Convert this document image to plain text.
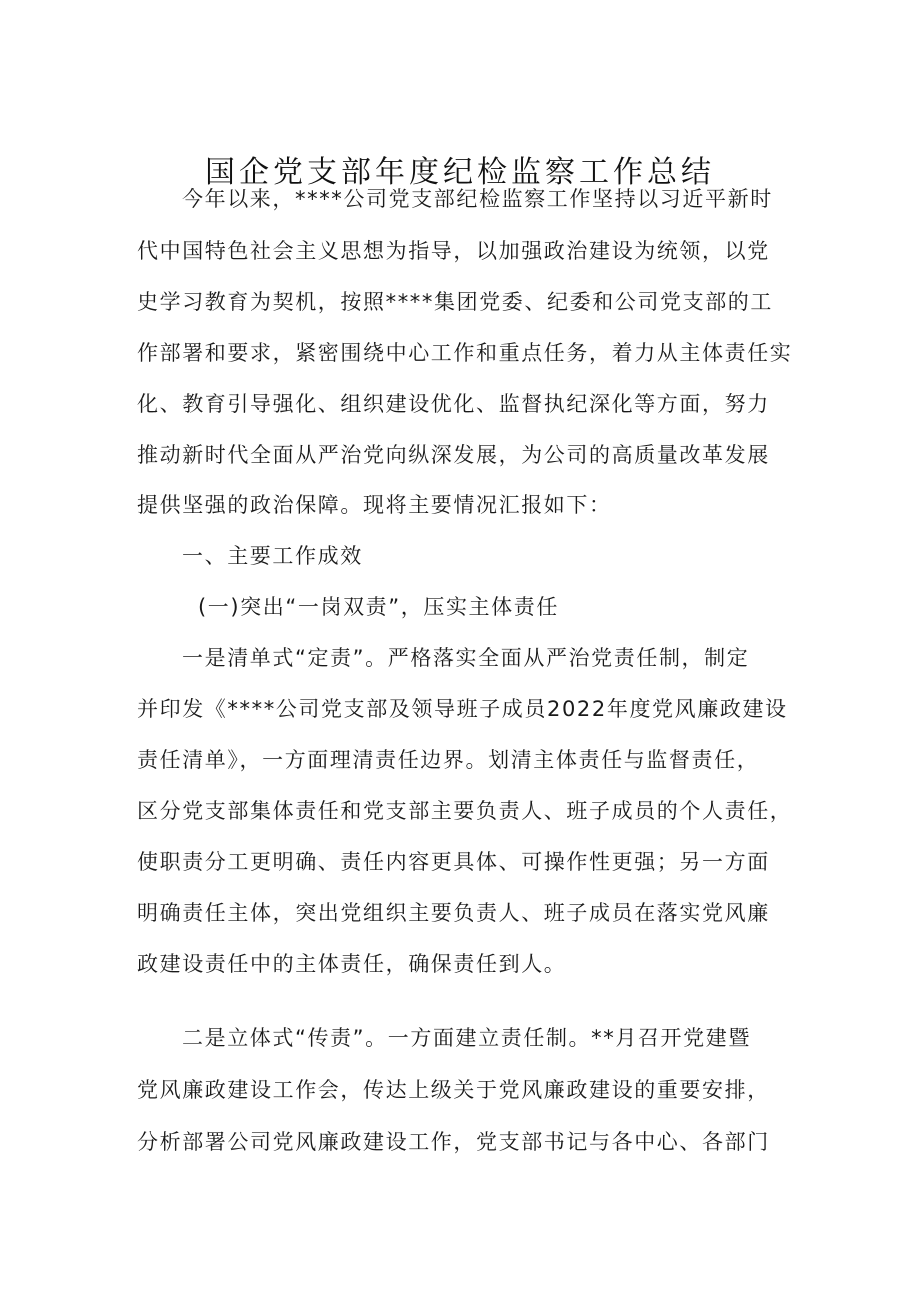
国企党支部年度纪检监察工作总结
今年以来，****公司党支部纪检监察工作坚持以习近平新时
代中国特色社会主义思想为指导，以加强政治建设为统领，以党
史学习教育为契机，按照****集团党委、纪委和公司党支部的工
作部署和要求，紧密围绕中心工作和重点任务，着力从主体责任实
化、教育引导强化、组织建设优化、监督执纪深化等方面，努力
推动新时代全面从严治党向纵深发展，为公司的高质量改革发展
提供坚强的政治保障。现将主要情况汇报如下：
一、主要工作成效
(一)突出“一岗双责”，压实主体责任
一是清单式“定责”。严格落实全面从严治党责任制，制定
并印发《****公司党支部及领导班子成员2022年度党风廉政建设
责任清单》，一方面理清责任边界。划清主体责任与监督责任，
区分党支部集体责任和党支部主要负责人、班子成员的个人责任，
使职责分工更明确、责任内容更具体、可操作性更强；另一方面
明确责任主体，突出党组织主要负责人、班子成员在落实党风廉
政建设责任中的主体责任，确保责任到人。
二是立体式“传责”。一方面建立责任制。**月召开党建暨
党风廉政建设工作会，传达上级关于党风廉政建设的重要安排，
分析部署公司党风廉政建设工作，党支部书记与各中心、各部门
